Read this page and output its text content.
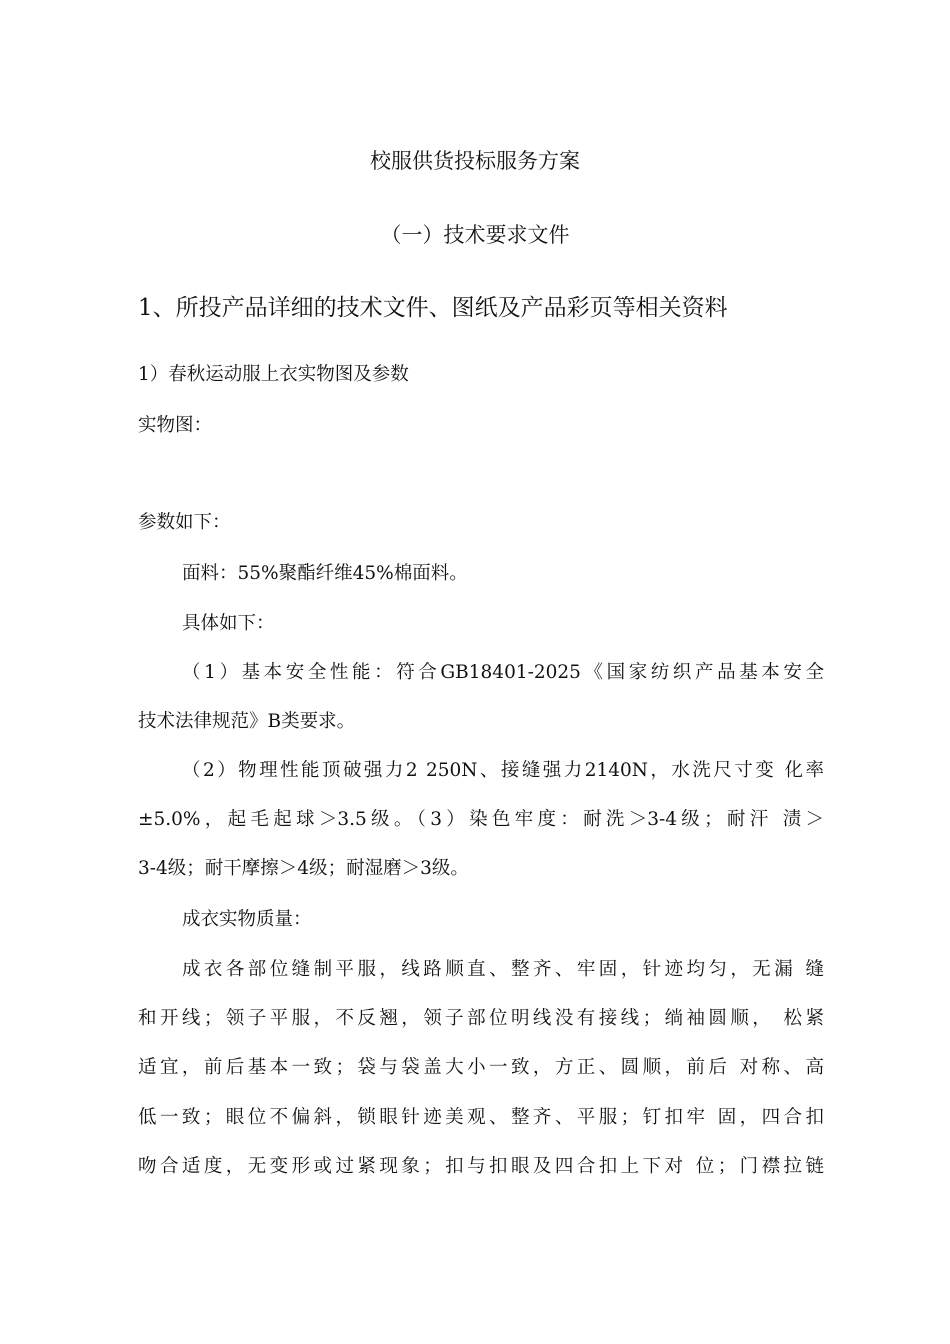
校服供货投标服务方案
（一）技术要求文件
1、所投产品详细的技术文件、图纸及产品彩页等相关资料
1）春秋运动服上衣实物图及参数
实物图：
参数如下：
面料：55%聚酯纤维45%棉面料。
具体如下：
（1）基本安全性能：符合GB18401-2025《国家纺织产品基本安全
技术法律规范》B类要求。
（2）物理性能顶破强力2 250N、接缝强力2140N，水洗尺寸变 化率
±5.0%，起毛起球＞3.5级。（3）染色牢度：耐洗＞3-4级；耐汗 渍＞
3-4级；耐干摩擦＞4级；耐湿磨＞3级。
成衣实物质量：
成衣各部位缝制平服，线路顺直、整齐、牢固，针迹均匀，无漏 缝
和开线；领子平服，不反翘，领子部位明线没有接线；绱袖圆顺， 松紧
适宜，前后基本一致；袋与袋盖大小一致，方正、圆顺，前后 对称、高
低一致；眼位不偏斜，锁眼针迹美观、整齐、平服；钉扣牢 固，四合扣
吻合适度，无变形或过紧现象；扣与扣眼及四合扣上下对 位；门襟拉链
